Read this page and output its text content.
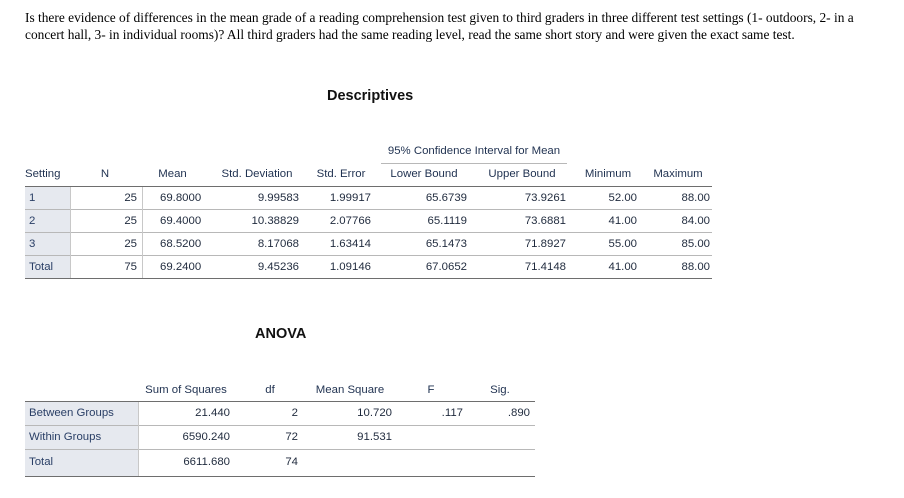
Is there evidence of differences in the mean grade of a reading comprehension test given to third graders in three different test settings (1- outdoors, 2- in a concert hall, 3- in individual rooms)? All third graders had the same reading level, read the same short story and were given the exact same test.
Descriptives
95% Confidence Interval for Mean
Setting	N	Mean	Std. Deviation	Std. Error	Lower Bound	Upper Bound	Minimum	Maximum
1	25 69.8000	9.99583	1.99917	65.6739	73.9261	52.00	88.00
2	25 69.4000	10.38829	2.07766	65.1119	73.6881	41.00	84.00
3	25 68.5200	8.17068	1.63414	65.1473	71.8927	55.00	85.00
Total	75 69.2400	9.45236	1.09146	67.0652	71.4148	41.00	88.00
ANOVA
Sum of Squares	df	Mean Square	F	Sig.
Between Groups	21.440	2	10.720	.117	.890
Within Groups	6590.240	72	91.531
Total	6611.680	74
